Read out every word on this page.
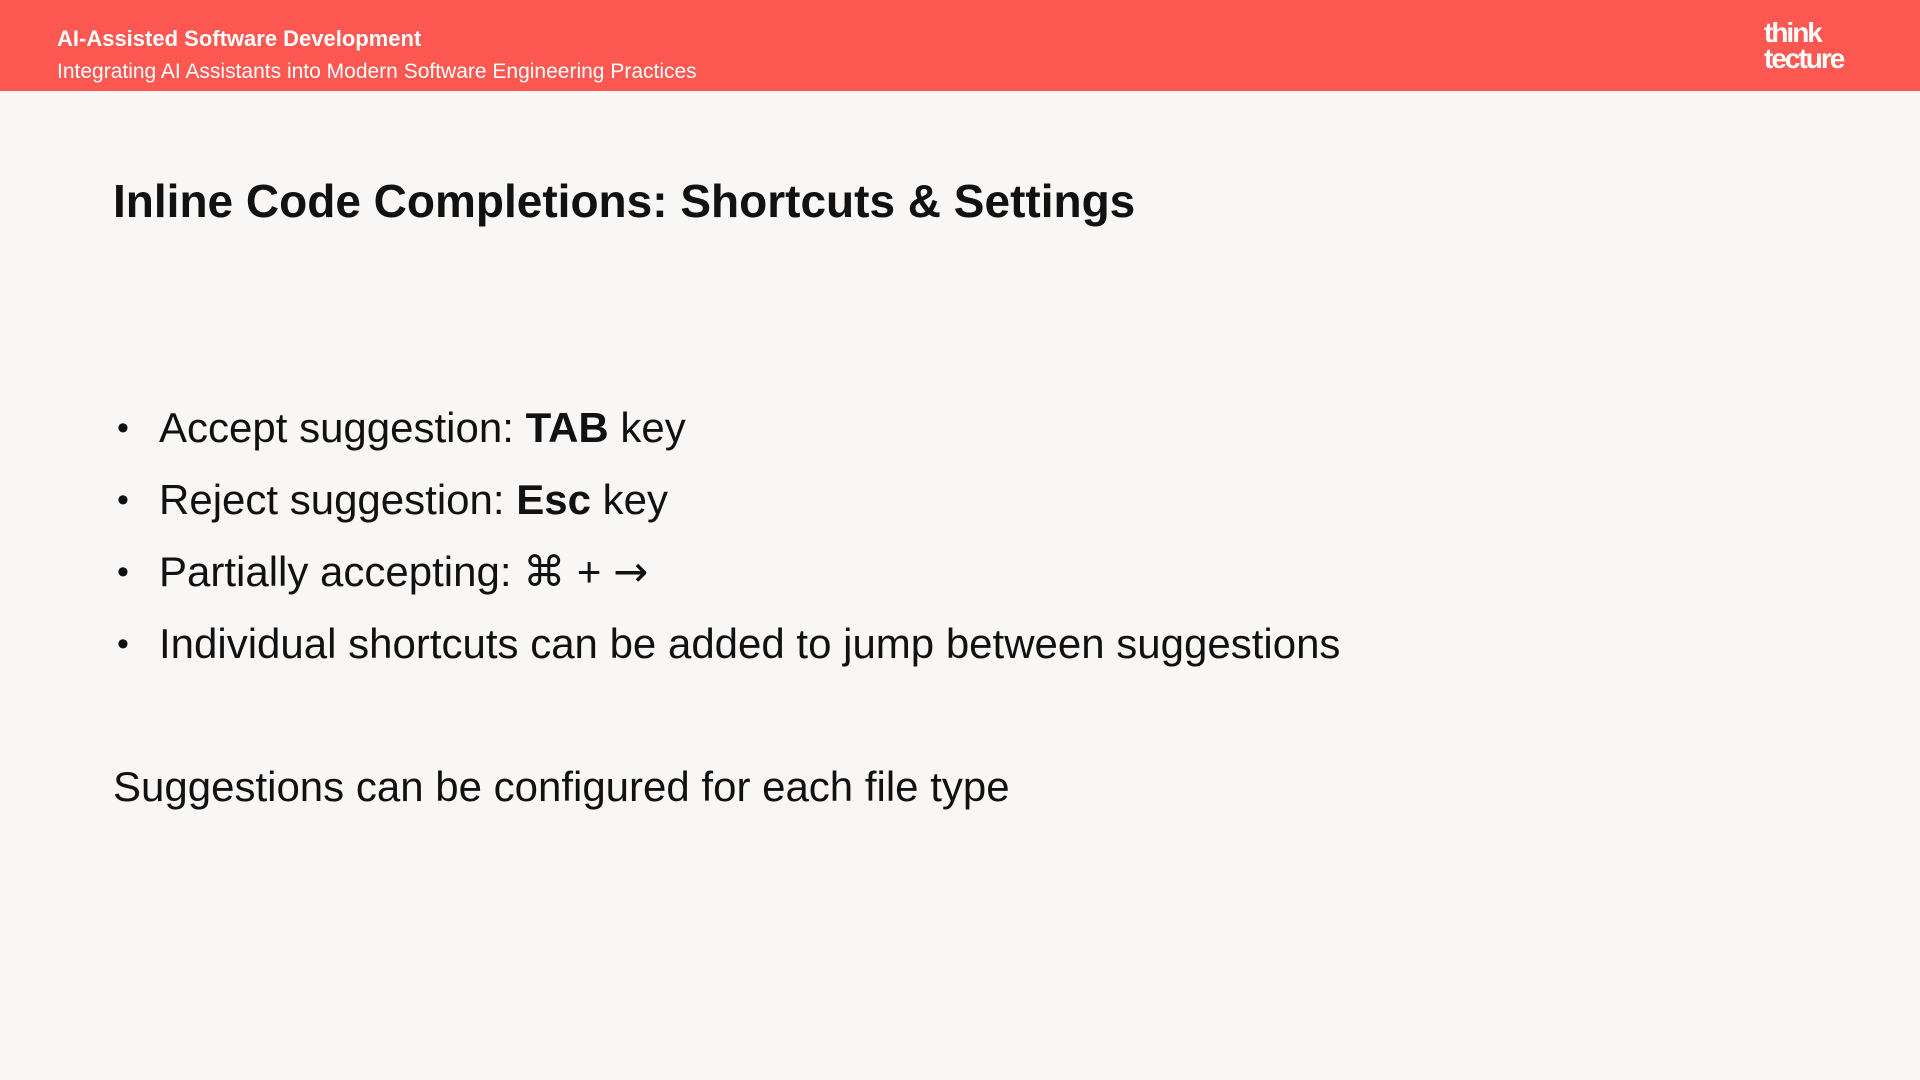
AI-Assisted Software Development
Integrating AI Assistants into Modern Software Engineering Practices
think
tecture
Inline Code Completions: Shortcuts & Settings
• Accept suggestion: TAB key
• Reject suggestion: Esc key
• Partially accepting: ⌘ + →
• Individual shortcuts can be added to jump between suggestions

Suggestions can be configured for each file type
